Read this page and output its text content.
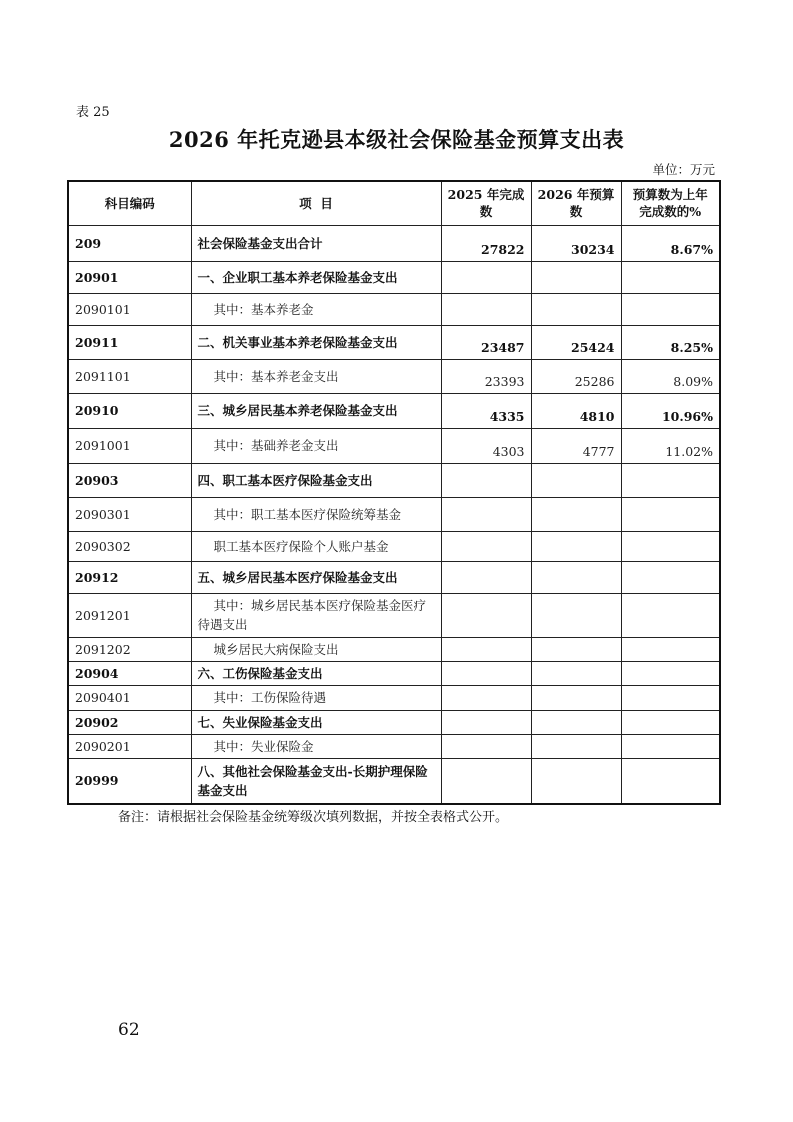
表 25
2026 年托克逊县本级社会保险基金预算支出表
单位：万元
科目编码	项  目	2025 年完成数	2026 年预算数	预算数为上年完成数的%
209	社会保险基金支出合计	27822	30234	8.67%
20901	一、企业职工基本养老保险基金支出			
2090101	其中：基本养老金			
20911	二、机关事业基本养老保险基金支出	23487	25424	8.25%
2091101	其中：基本养老金支出	23393	25286	8.09%
20910	三、城乡居民基本养老保险基金支出	4335	4810	10.96%
2091001	其中：基础养老金支出	4303	4777	11.02%
20903	四、职工基本医疗保险基金支出			
2090301	其中：职工基本医疗保险统筹基金			
2090302	职工基本医疗保险个人账户基金			
20912	五、城乡居民基本医疗保险基金支出			
2091201	其中：城乡居民基本医疗保险基金医疗待遇支出			
2091202	城乡居民大病保险支出			
20904	六、工伤保险基金支出			
2090401	其中：工伤保险待遇			
20902	七、失业保险基金支出			
2090201	其中：失业保险金			
20999	八、其他社会保险基金支出-长期护理保险基金支出			
备注：请根据社会保险基金统筹级次填列数据，并按全表格式公开。
62
